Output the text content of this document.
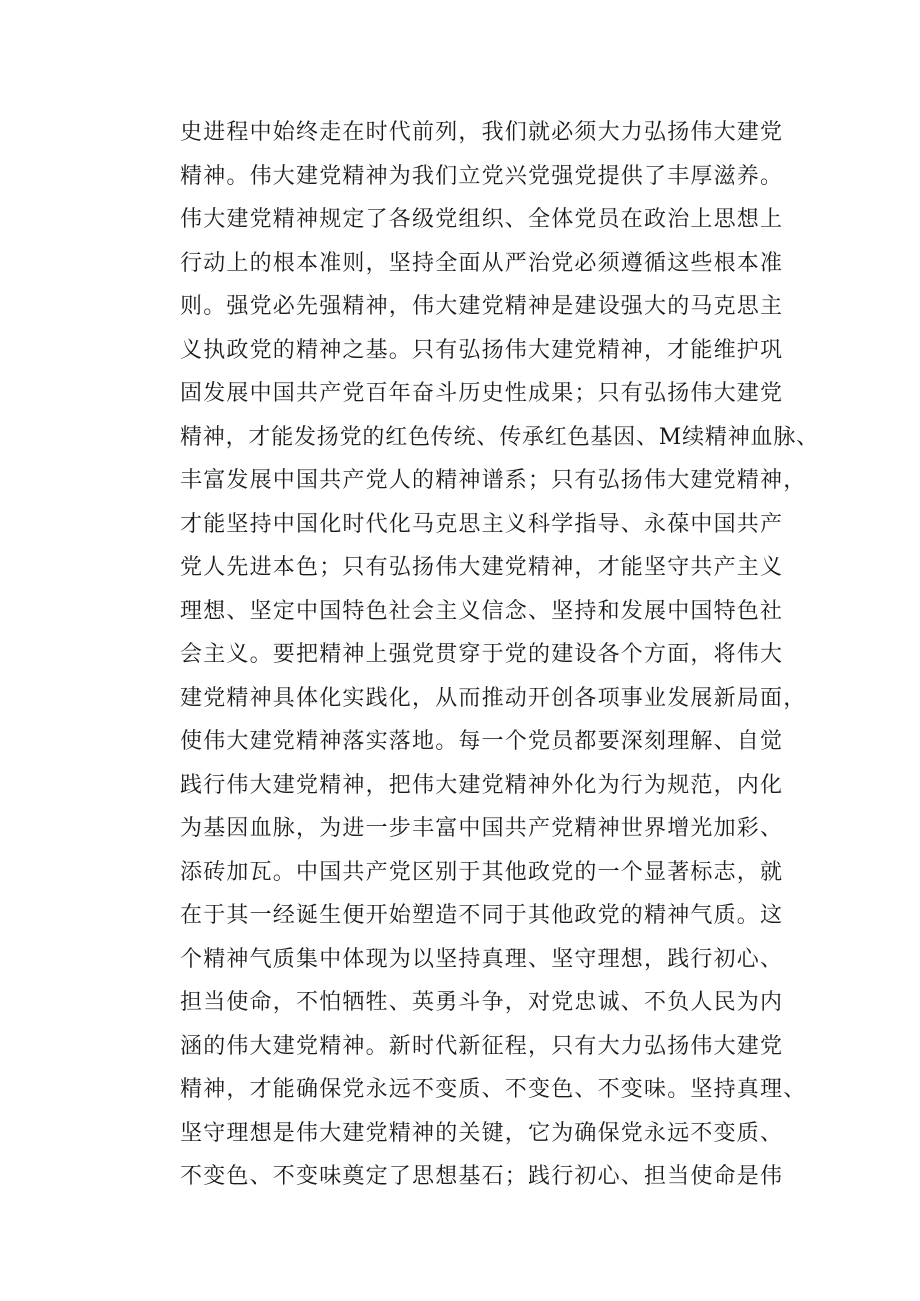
史进程中始终走在时代前列，我们就必须大力弘扬伟大建党
精神。伟大建党精神为我们立党兴党强党提供了丰厚滋养。
伟大建党精神规定了各级党组织、全体党员在政治上思想上
行动上的根本准则，坚持全面从严治党必须遵循这些根本准
则。强党必先强精神，伟大建党精神是建设强大的马克思主
义执政党的精神之基。只有弘扬伟大建党精神，才能维护巩
固发展中国共产党百年奋斗历史性成果；只有弘扬伟大建党
精神，才能发扬党的红色传统、传承红色基因、M续精神血脉、
丰富发展中国共产党人的精神谱系；只有弘扬伟大建党精神，
才能坚持中国化时代化马克思主义科学指导、永葆中国共产
党人先进本色；只有弘扬伟大建党精神，才能坚守共产主义
理想、坚定中国特色社会主义信念、坚持和发展中国特色社
会主义。要把精神上强党贯穿于党的建设各个方面，将伟大
建党精神具体化实践化，从而推动开创各项事业发展新局面，
使伟大建党精神落实落地。每一个党员都要深刻理解、自觉
践行伟大建党精神，把伟大建党精神外化为行为规范，内化
为基因血脉，为进一步丰富中国共产党精神世界增光加彩、
添砖加瓦。中国共产党区别于其他政党的一个显著标志，就
在于其一经诞生便开始塑造不同于其他政党的精神气质。这
个精神气质集中体现为以坚持真理、坚守理想，践行初心、
担当使命，不怕牺牲、英勇斗争，对党忠诚、不负人民为内
涵的伟大建党精神。新时代新征程，只有大力弘扬伟大建党
精神，才能确保党永远不变质、不变色、不变味。坚持真理、
坚守理想是伟大建党精神的关键，它为确保党永远不变质、
不变色、不变味奠定了思想基石；践行初心、担当使命是伟
